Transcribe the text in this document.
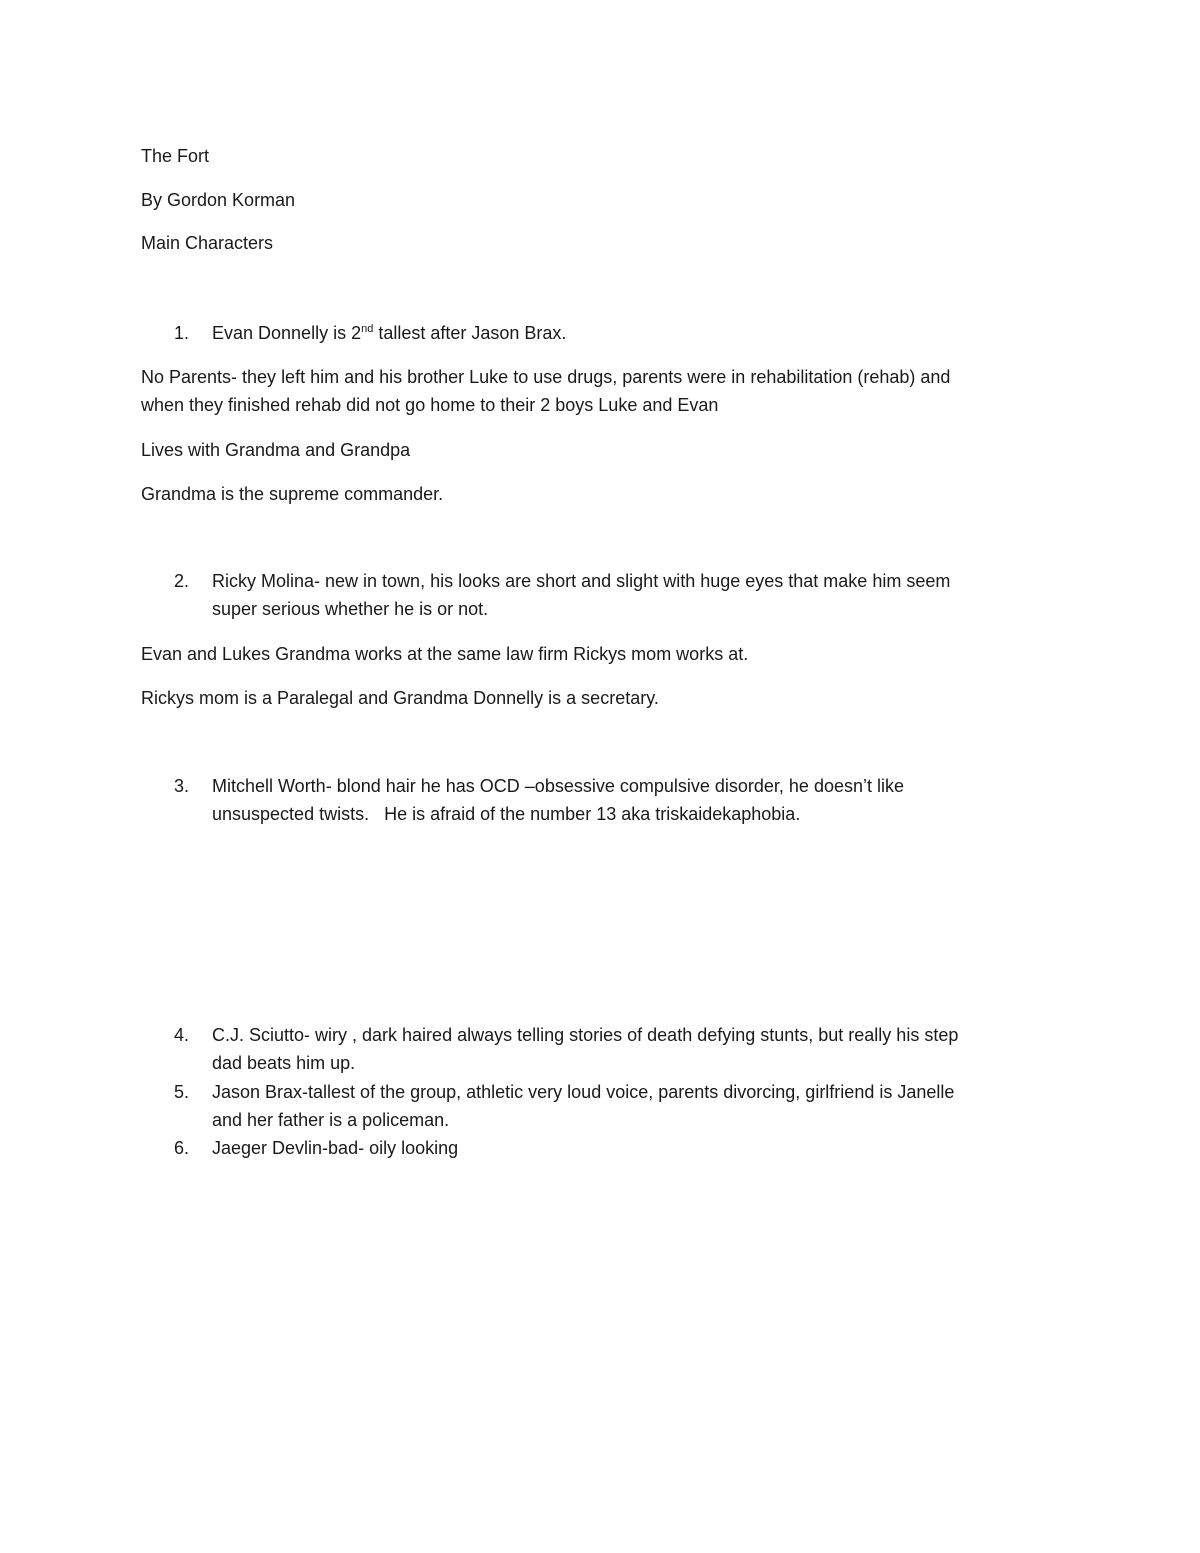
The Fort
By Gordon Korman
Main Characters
1. Evan Donnelly is 2nd tallest after Jason Brax.
No Parents- they left him and his brother Luke to use drugs, parents were in rehabilitation (rehab) and
when they finished rehab did not go home to their 2 boys Luke and Evan
Lives with Grandma and Grandpa
Grandma is the supreme commander.
2. Ricky Molina- new in town, his looks are short and slight with huge eyes that make him seem
super serious whether he is or not.
Evan and Lukes Grandma works at the same law firm Rickys mom works at.
Rickys mom is a Paralegal and Grandma Donnelly is a secretary.
3. Mitchell Worth- blond hair he has OCD –obsessive compulsive disorder, he doesn’t like
unsuspected twists.   He is afraid of the number 13 aka triskaidekaphobia.
4. C.J. Sciutto- wiry , dark haired always telling stories of death defying stunts, but really his step
dad beats him up.
5. Jason Brax-tallest of the group, athletic very loud voice, parents divorcing, girlfriend is Janelle
and her father is a policeman.
6. Jaeger Devlin-bad- oily looking
